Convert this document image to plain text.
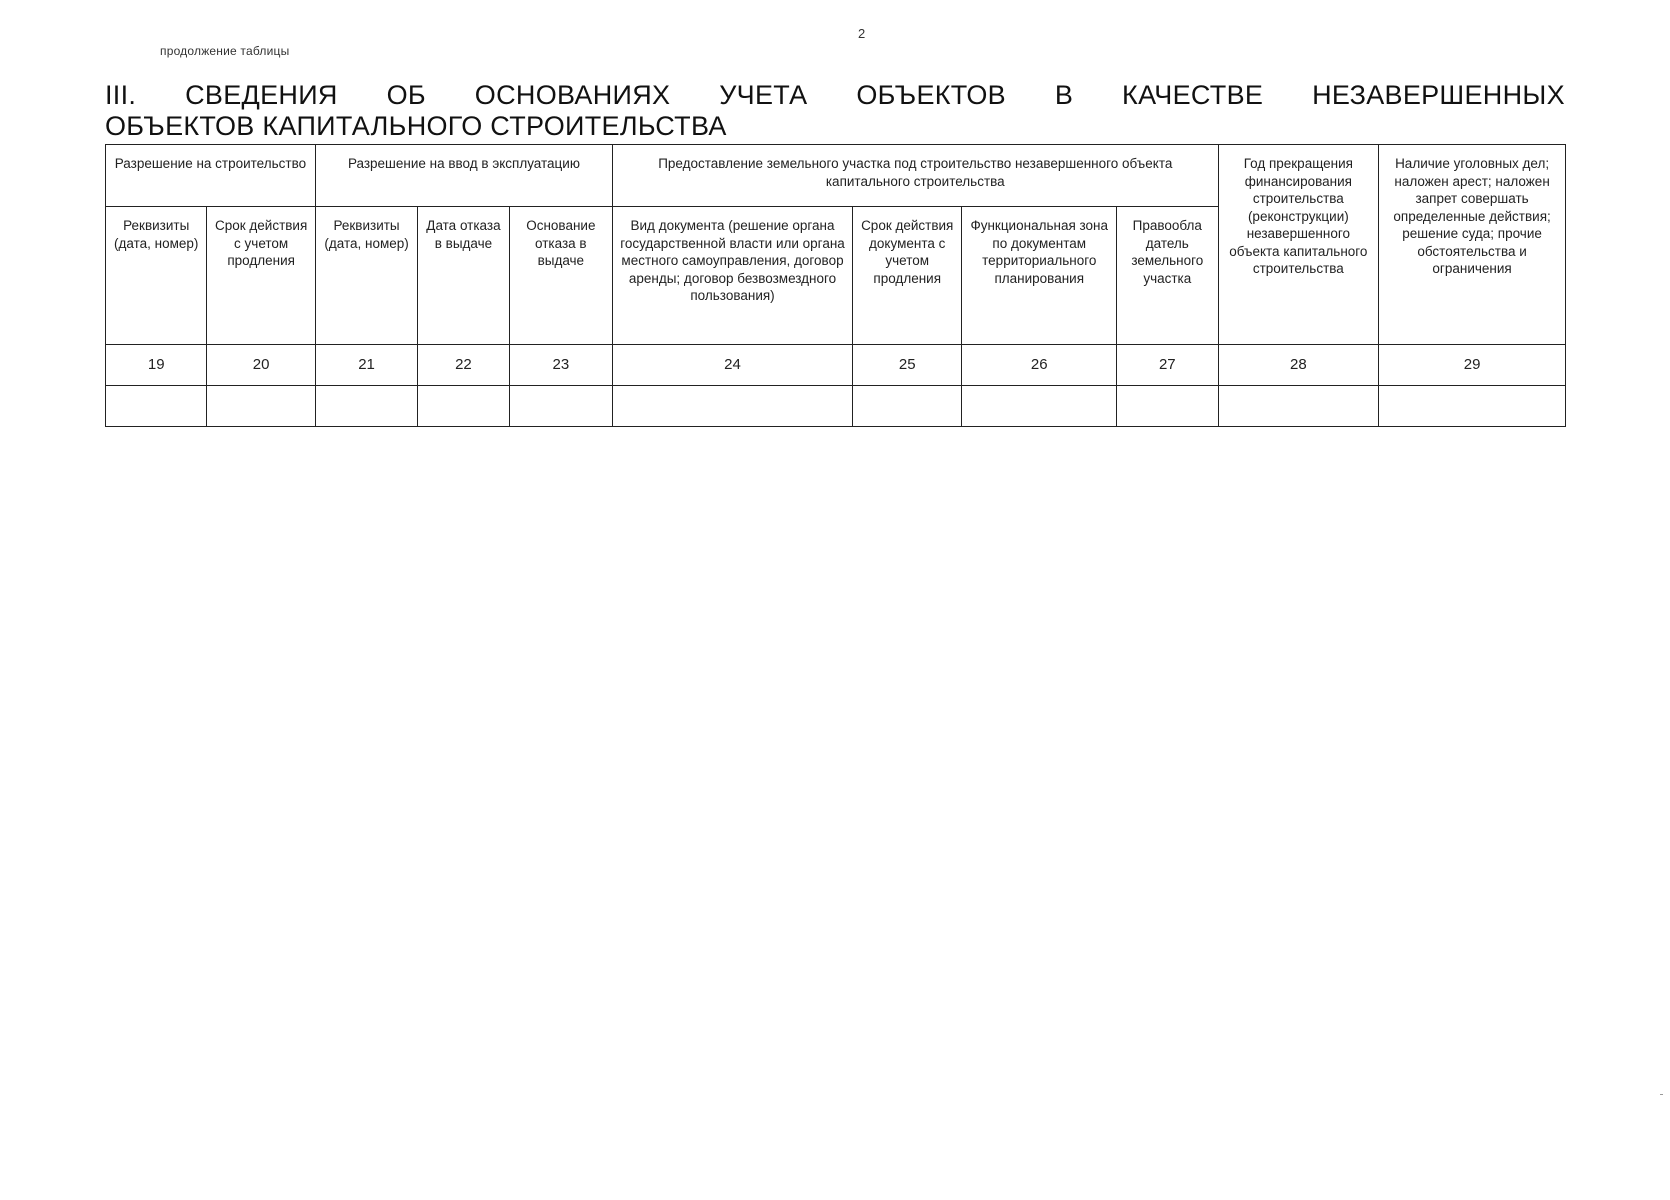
2
продолжение таблицы
III. СВЕДЕНИЯ ОБ ОСНОВАНИЯХ УЧЕТА ОБЪЕКТОВ В КАЧЕСТВЕ НЕЗАВЕРШЕННЫХ
ОБЪЕКТОВ КАПИТАЛЬНОГО СТРОИТЕЛЬСТВА
Разрешение на строительство		Разрешение на ввод в эксплуатацию			Предоставление земельного участка под строительство незавершенного объекта капитального строительства				Год прекращения финансирования строительства (реконструкции) незавершенного объекта капитального строительства	Наличие уголовных дел; наложен арест; наложен запрет совершать определенные действия; решение суда; прочие обстоятельства и ограничения
Реквизиты (дата, номер)	Срок действия с учетом продления	Реквизиты (дата, номер)	Дата отказа в выдаче	Основание отказа в выдаче	Вид документа (решение органа государственной власти или органа местного самоуправления, договор аренды; договор безвозмездного пользования)	Срок действия документа с учетом продления	Функциональная зона по документам территориального планирования	Правообла датель земельного участка		
19	20	21	22	23	24	25	26	27	28	29
